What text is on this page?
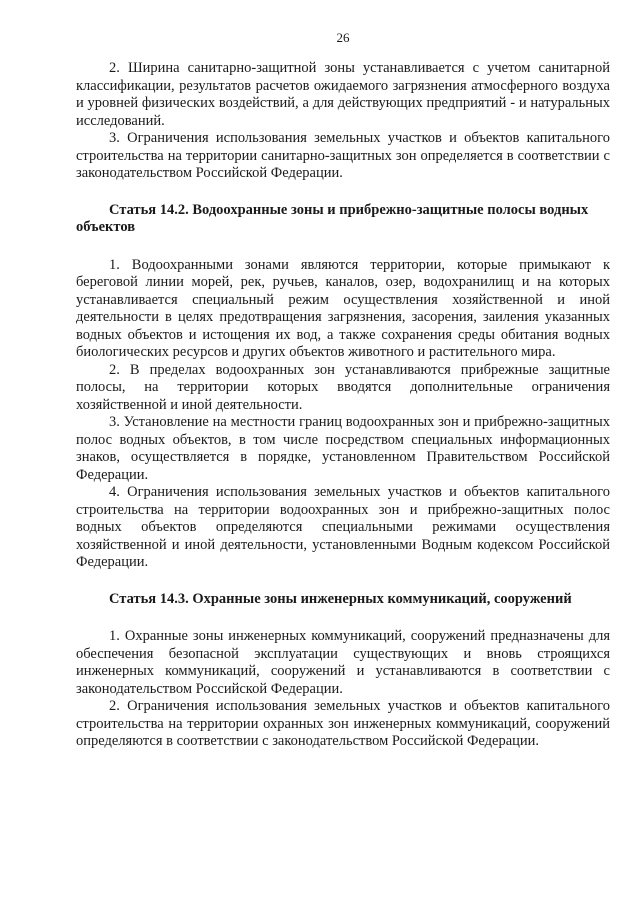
26

2. Ширина санитарно-защитной зоны устанавливается с учетом санитарной классификации, результатов расчетов ожидаемого загрязнения атмосферного воздуха и уровней физических воздействий, а для действующих предприятий - и натуральных исследований.

3. Ограничения использования земельных участков и объектов капитального строительства на территории санитарно-защитных зон определяется в соответствии с законодательством Российской Федерации.

Статья 14.2. Водоохранные зоны и прибрежно-защитные полосы водных объектов

1. Водоохранными зонами являются территории, которые примыкают к береговой линии морей, рек, ручьев, каналов, озер, водохранилищ и на которых устанавливается специальный режим осуществления хозяйственной и иной деятельности в целях предотвращения загрязнения, засорения, заиления указанных водных объектов и истощения их вод, а также сохранения среды обитания водных биологических ресурсов и других объектов животного и растительного мира.

2. В пределах водоохранных зон устанавливаются прибрежные защитные полосы, на территории которых вводятся дополнительные ограничения хозяйственной и иной деятельности.

3. Установление на местности границ водоохранных зон и прибрежно-защитных полос водных объектов, в том числе посредством специальных информационных знаков, осуществляется в порядке, установленном Правительством Российской Федерации.

4. Ограничения использования земельных участков и объектов капитального строительства на территории водоохранных зон и прибрежно-защитных полос водных объектов определяются специальными режимами осуществления хозяйственной и иной деятельности, установленными Водным кодексом Российской Федерации.

Статья 14.3. Охранные зоны инженерных коммуникаций, сооружений

1. Охранные зоны инженерных коммуникаций, сооружений предназначены для обеспечения безопасной эксплуатации существующих и вновь строящихся инженерных коммуникаций, сооружений и устанавливаются в соответствии с законодательством Российской Федерации.

2. Ограничения использования земельных участков и объектов капитального строительства на территории охранных зон инженерных коммуникаций, сооружений определяются в соответствии с законодательством Российской Федерации.
